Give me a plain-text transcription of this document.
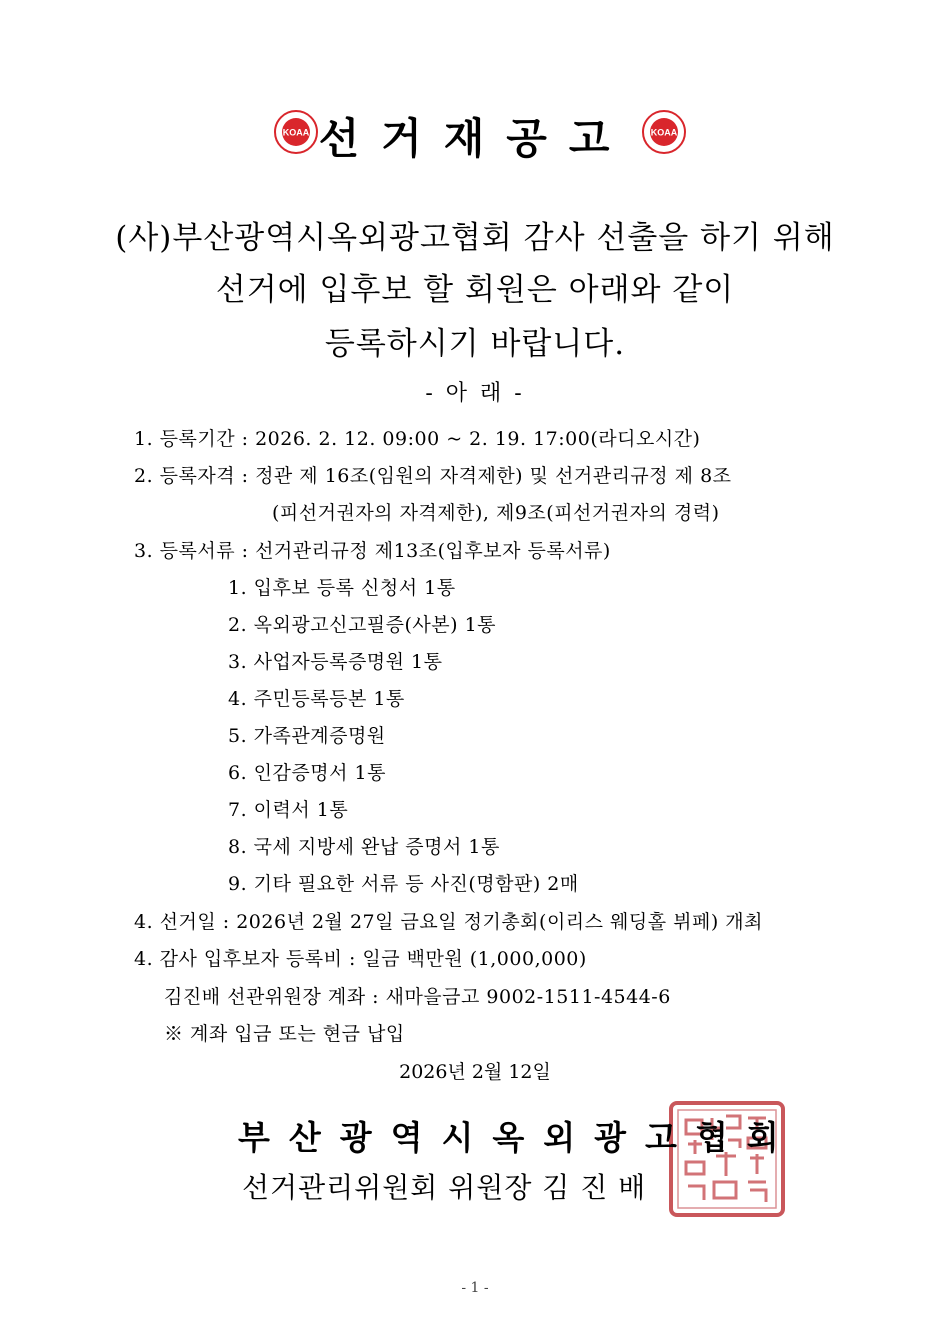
KOAA 선거재공고	KOAA
(사)부산광역시옥외광고협회 감사 선출을 하기 위해
선거에 입후보 할 회원은 아래와 같이
등록하시기 바랍니다.
- 아 래 -
1. 등록기간 : 2026. 2. 12. 09:00 ~ 2. 19. 17:00(라디오시간)
2. 등록자격 : 정관 제 16조(임원의 자격제한) 및 선거관리규정 제 8조
(피선거권자의 자격제한), 제9조(피선거권자의 경력)
3. 등록서류 : 선거관리규정 제13조(입후보자 등록서류)
1. 입후보 등록 신청서 1통
2. 옥외광고신고필증(사본) 1통
3. 사업자등록증명원 1통
4. 주민등록등본 1통
5. 가족관계증명원
6. 인감증명서 1통
7. 이력서 1통
8. 국세 지방세 완납 증명서 1통
9. 기타 필요한 서류 등 사진(명함판) 2매
4. 선거일 : 2026년 2월 27일 금요일 정기총회(이리스 웨딩홀 뷔페) 개최
4. 감사 입후보자 등록비 : 일금 백만원 (1,000,000)
김진배 선관위원장 계좌 : 새마을금고 9002-1511-4544-6
※ 계좌 입금 또는 현금 납입
2026년 2월 12일
부산광역시옥외광고협회
선거관리위원회 위원장 김 진 배
- 1 -
